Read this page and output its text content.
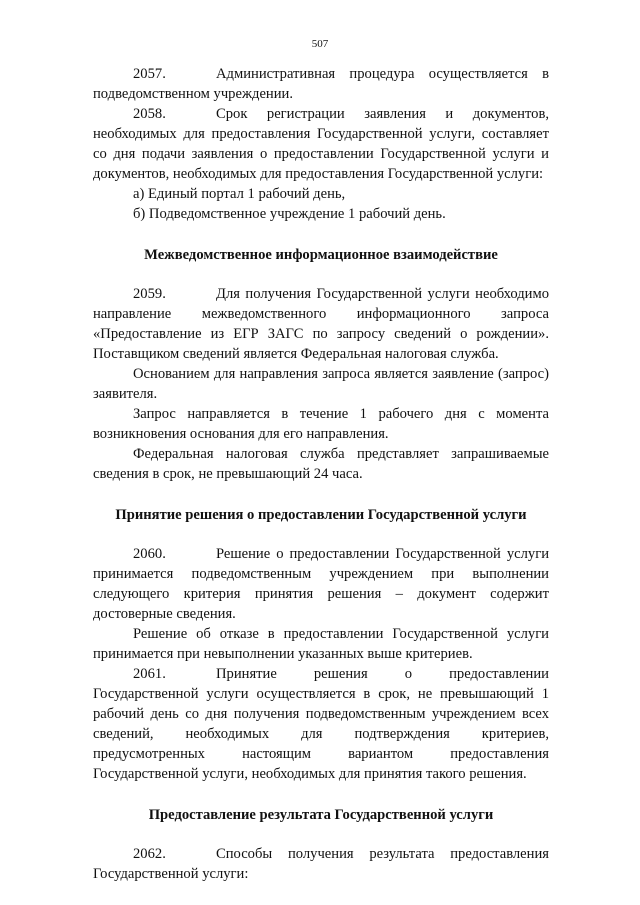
507

2057.	Административная процедура осуществляется в подведомственном учреждении.

2058.	Срок регистрации заявления и документов, необходимых для предоставления Государственной услуги, составляет со дня подачи заявления о предоставлении Государственной услуги и документов, необходимых для предоставления Государственной услуги:

а) Единый портал 1 рабочий день,

б) Подведомственное учреждение 1 рабочий день.

Межведомственное информационное взаимодействие

2059.	Для получения Государственной услуги необходимо направление межведомственного информационного запроса «Предоставление из ЕГР ЗАГС по запросу сведений о рождении». Поставщиком сведений является Федеральная налоговая служба.

Основанием для направления запроса является заявление (запрос) заявителя.

Запрос направляется в течение 1 рабочего дня с момента возникновения основания для его направления.

Федеральная налоговая служба представляет запрашиваемые сведения в срок, не превышающий 24 часа.

Принятие решения о предоставлении Государственной услуги

2060.	Решение о предоставлении Государственной услуги принимается подведомственным учреждением при выполнении следующего критерия принятия решения – документ содержит достоверные сведения.

Решение об отказе в предоставлении Государственной услуги принимается при невыполнении указанных выше критериев.

2061.	Принятие решения о предоставлении Государственной услуги осуществляется в срок, не превышающий 1 рабочий день со дня получения подведомственным учреждением всех сведений, необходимых для подтверждения критериев, предусмотренных настоящим вариантом предоставления Государственной услуги, необходимых для принятия такого решения.

Предоставление результата Государственной услуги

2062.	Способы получения результата предоставления Государственной услуги:
